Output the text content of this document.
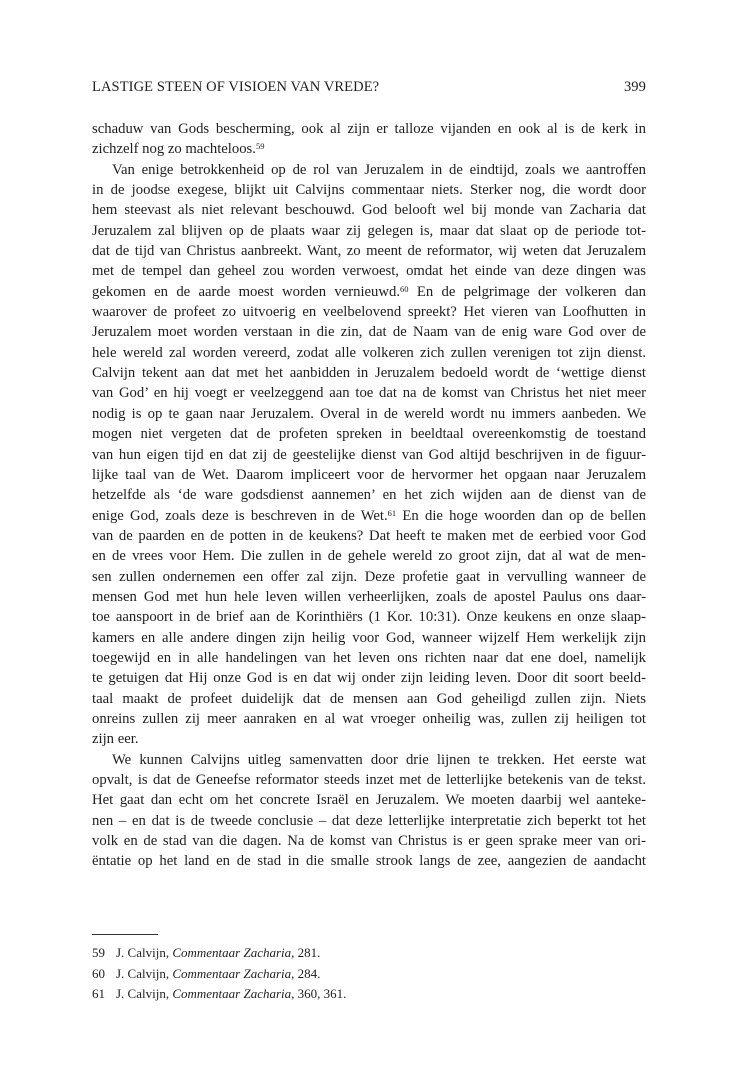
LASTIGE STEEN OF VISIOEN VAN VREDE?	399
schaduw van Gods bescherming, ook al zijn er talloze vijanden en ook al is de kerk in
zichzelf nog zo machteloos.$^{59}$
Van enige betrokkenheid op de rol van Jeruzalem in de eindtijd, zoals we aantroffen
in de joodse exegese, blijkt uit Calvijns commentaar niets. Sterker nog, die wordt door
hem steevast als niet relevant beschouwd. God belooft wel bij monde van Zacharia dat
Jeruzalem zal blijven op de plaats waar zij gelegen is, maar dat slaat op de periode tot-
dat de tijd van Christus aanbreekt. Want, zo meent de reformator, wij weten dat Jeruzalem
met de tempel dan geheel zou worden verwoest, omdat het einde van deze dingen was
gekomen en de aarde moest worden vernieuwd.$^{60}$ En de pelgrimage der volkeren dan
waarover de profeet zo uitvoerig en veelbelovend spreekt? Het vieren van Loofhutten in
Jeruzalem moet worden verstaan in die zin, dat de Naam van de enig ware God over de
hele wereld zal worden vereerd, zodat alle volkeren zich zullen verenigen tot zijn dienst.
Calvijn tekent aan dat met het aanbidden in Jeruzalem bedoeld wordt de ‘wettige dienst
van God’ en hij voegt er veelzeggend aan toe dat na de komst van Christus het niet meer
nodig is op te gaan naar Jeruzalem. Overal in de wereld wordt nu immers aanbeden. We
mogen niet vergeten dat de profeten spreken in beeldtaal overeenkomstig de toestand
van hun eigen tijd en dat zij de geestelijke dienst van God altijd beschrijven in de figuur-
lijke taal van de Wet. Daarom impliceert voor de hervormer het opgaan naar Jeruzalem
hetzelfde als ‘de ware godsdienst aannemen’ en het zich wijden aan de dienst van de
enige God, zoals deze is beschreven in de Wet.$^{61}$ En die hoge woorden dan op de bellen
van de paarden en de potten in de keukens? Dat heeft te maken met de eerbied voor God
en de vrees voor Hem. Die zullen in de gehele wereld zo groot zijn, dat al wat de men-
sen zullen ondernemen een offer zal zijn. Deze profetie gaat in vervulling wanneer de
mensen God met hun hele leven willen verheerlijken, zoals de apostel Paulus ons daar-
toe aanspoort in de brief aan de Korinthiërs (1 Kor. 10:31). Onze keukens en onze slaap-
kamers en alle andere dingen zijn heilig voor God, wanneer wijzelf Hem werkelijk zijn
toegewijd en in alle handelingen van het leven ons richten naar dat ene doel, namelijk
te getuigen dat Hij onze God is en dat wij onder zijn leiding leven. Door dit soort beeld-
taal maakt de profeet duidelijk dat de mensen aan God geheiligd zullen zijn. Niets
onreins zullen zij meer aanraken en al wat vroeger onheilig was, zullen zij heiligen tot
zijn eer.
We kunnen Calvijns uitleg samenvatten door drie lijnen te trekken. Het eerste wat
opvalt, is dat de Geneefse reformator steeds inzet met de letterlijke betekenis van de tekst.
Het gaat dan echt om het concrete Israël en Jeruzalem. We moeten daarbij wel aanteke-
nen – en dat is de tweede conclusie – dat deze letterlijke interpretatie zich beperkt tot het
volk en de stad van die dagen. Na de komst van Christus is er geen sprake meer van ori-
ëntatie op het land en de stad in die smalle strook langs de zee, aangezien de aandacht
59 J. Calvijn, Commentaar Zacharia, 281.
60 J. Calvijn, Commentaar Zacharia, 284.
61 J. Calvijn, Commentaar Zacharia, 360, 361.
